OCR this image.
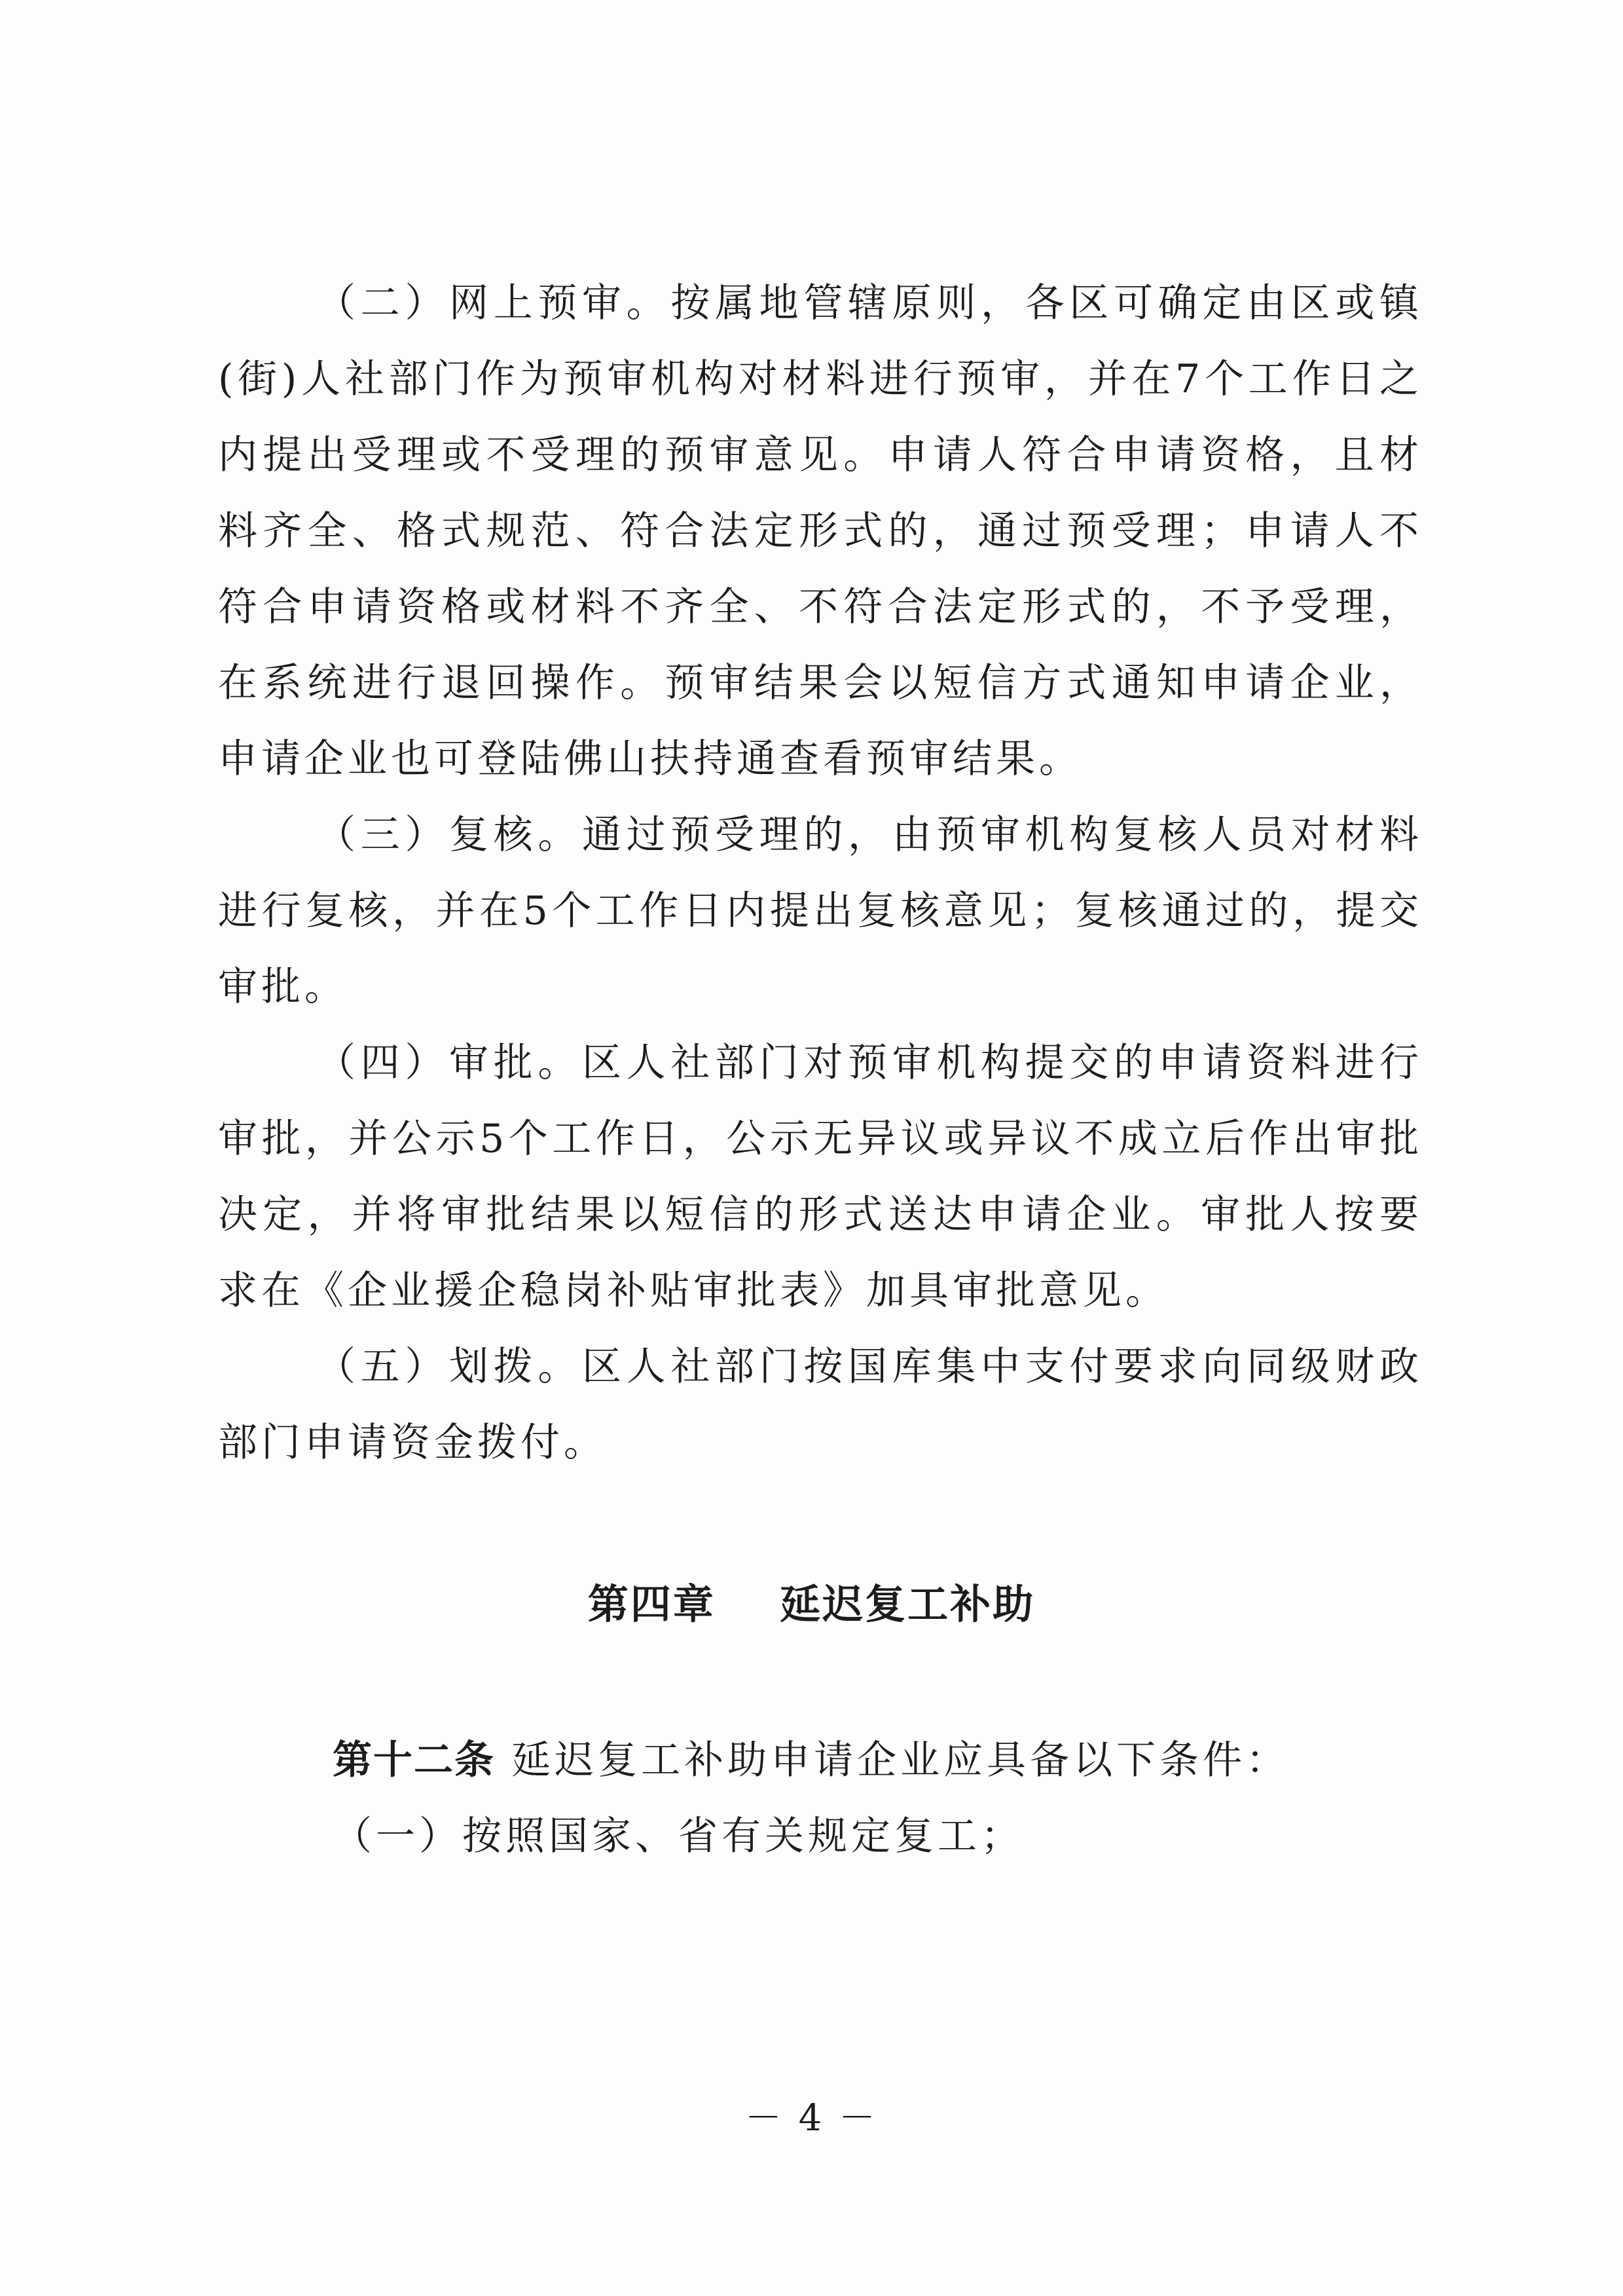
（二）网上预审。按属地管辖原则，各区可确定由区或镇(街)人社部门作为预审机构对材料进行预审，并在7个工作日之内提出受理或不受理的预审意见。申请人符合申请资格，且材料齐全、格式规范、符合法定形式的，通过预受理；申请人不符合申请资格或材料不齐全、不符合法定形式的，不予受理，在系统进行退回操作。预审结果会以短信方式通知申请企业，申请企业也可登陆佛山扶持通查看预审结果。

（三）复核。通过预受理的，由预审机构复核人员对材料进行复核，并在5个工作日内提出复核意见；复核通过的，提交审批。

（四）审批。区人社部门对预审机构提交的申请资料进行审批，并公示5个工作日，公示无异议或异议不成立后作出审批决定，并将审批结果以短信的形式送达申请企业。审批人按要求在《企业援企稳岗补贴审批表》加具审批意见。

（五）划拨。区人社部门按国库集中支付要求向同级财政部门申请资金拨付。

第四章    延迟复工补助

第十二条 延迟复工补助申请企业应具备以下条件：

（一）按照国家、省有关规定复工；

－ 4 －
